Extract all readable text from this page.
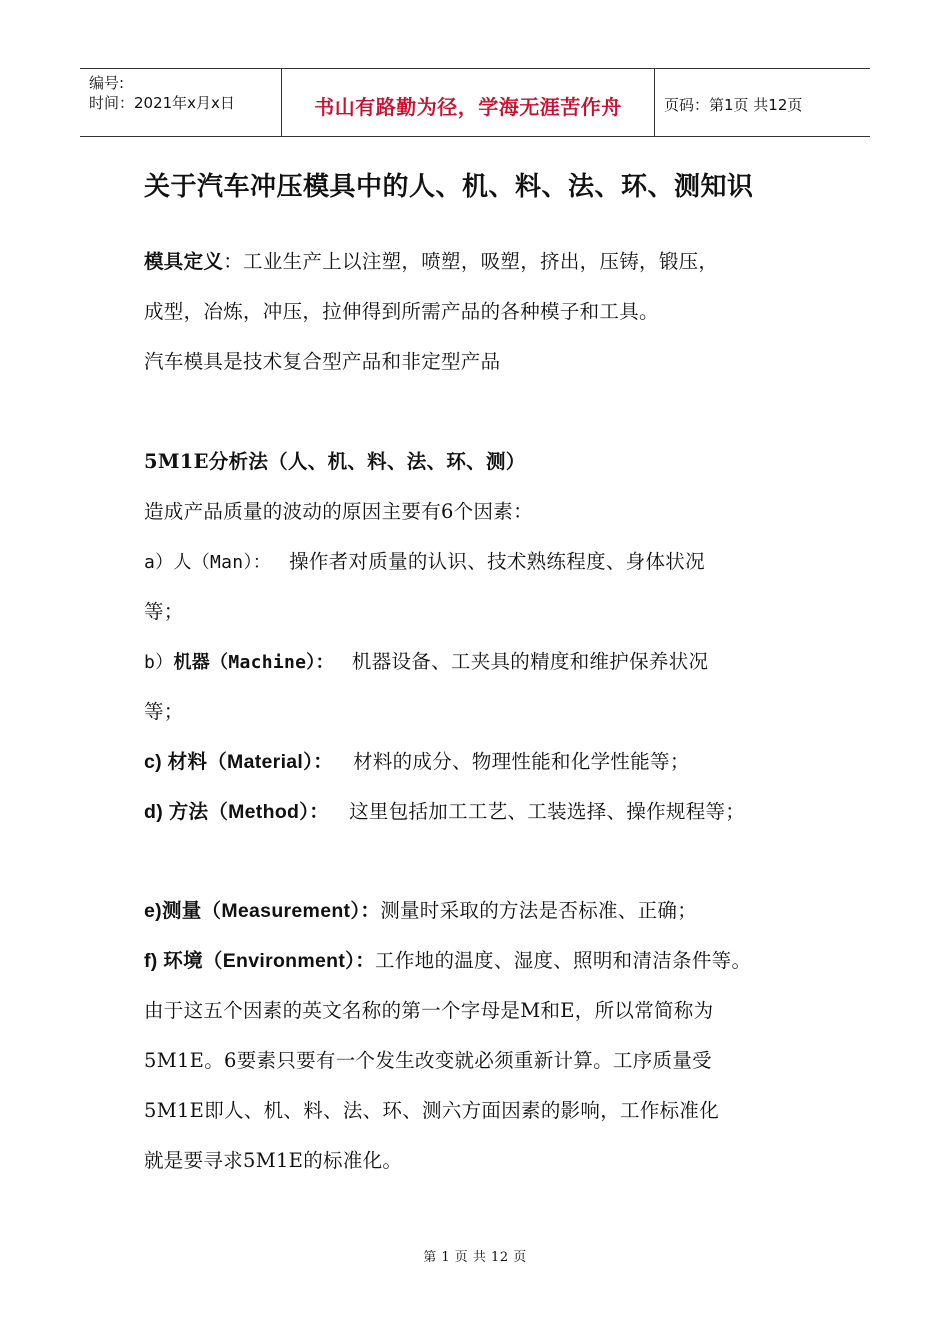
编号:
时间：2021年x月x日	书山有路勤为径，学海无涯苦作舟	页码：第1页 共12页
关于汽车冲压模具中的人、机、料、法、环、测知识
模具定义：工业生产上以注塑，喷塑，吸塑，挤出，压铸，锻压，
成型，冶炼，冲压，拉伸得到所需产品的各种模子和工具。
汽车模具是技术复合型产品和非定型产品
5M1E分析法（人、机、料、法、环、测）
造成产品质量的波动的原因主要有6个因素：
a）人（Man）： 操作者对质量的认识、技术熟练程度、身体状况
等；
b）机器（Machine）： 机器设备、工夹具的精度和维护保养状况
等；
c) 材料（Material）： 材料的成分、物理性能和化学性能等；
d) 方法（Method）： 这里包括加工工艺、工装选择、操作规程等；
e)测量（Measurement）：测量时采取的方法是否标准、正确；
f) 环境（Environment）：工作地的温度、湿度、照明和清洁条件等。
由于这五个因素的英文名称的第一个字母是M和E，所以常简称为
5M1E。6要素只要有一个发生改变就必须重新计算。工序质量受
5M1E即人、机、料、法、环、测六方面因素的影响，工作标准化
就是要寻求5M1E的标准化。
第 1 页 共 12 页
